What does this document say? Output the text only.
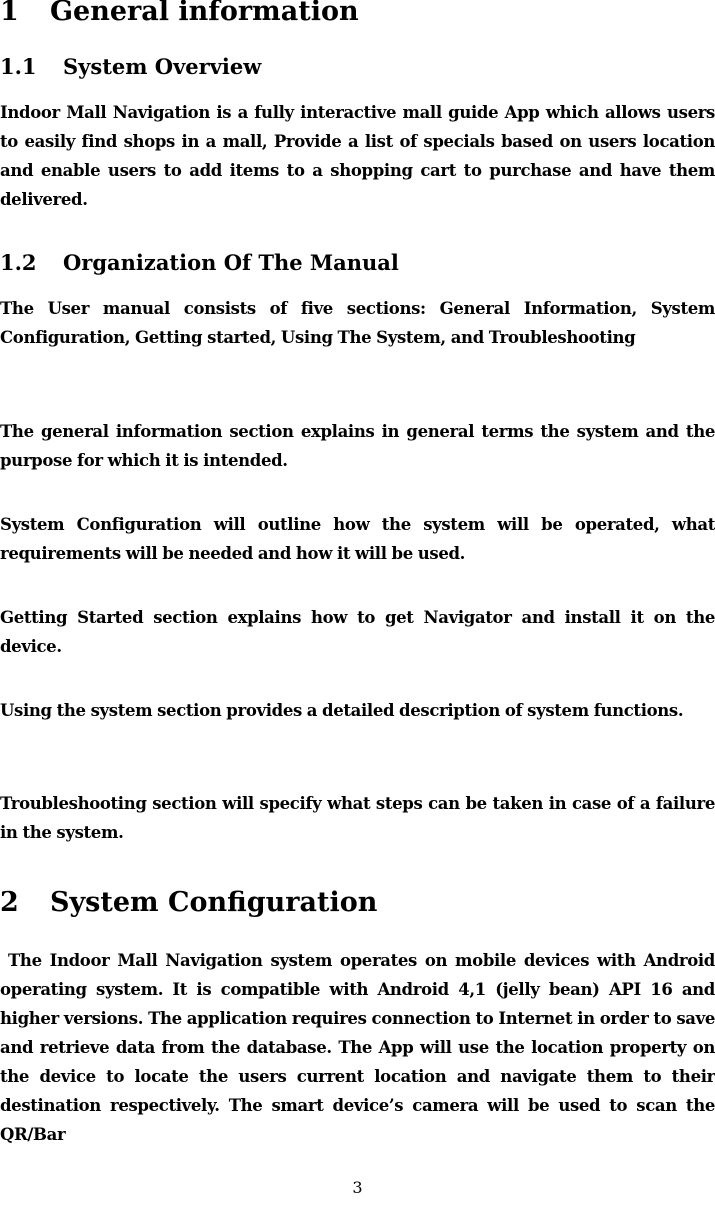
1 General information
1.1 System Overview

Indoor Mall Navigation is a fully interactive mall guide App which allows users to easily find shops in a mall, Provide a list of specials based on users location and enable users to add items to a shopping cart to purchase and have them delivered.

1.2 Organization Of The Manual

The User manual consists of five sections: General Information, System Configuration, Getting started, Using The System, and Troubleshooting

The general information section explains in general terms the system and the purpose for which it is intended.

System Configuration will outline how the system will be operated, what requirements will be needed and how it will be used.

Getting Started section explains how to get Navigator and install it on the device.

Using the system section provides a detailed description of system functions.

Troubleshooting section will specify what steps can be taken in case of a failure in the system.

2 System Configuration

The Indoor Mall Navigation system operates on mobile devices with Android operating system. It is compatible with Android 4,1 (jelly bean) API 16 and higher versions. The application requires connection to Internet in order to save and retrieve data from the database. The App will use the location property on the device to locate the users current location and navigate them to their destination respectively. The smart device’s camera will be used to scan the QR/Bar

3
